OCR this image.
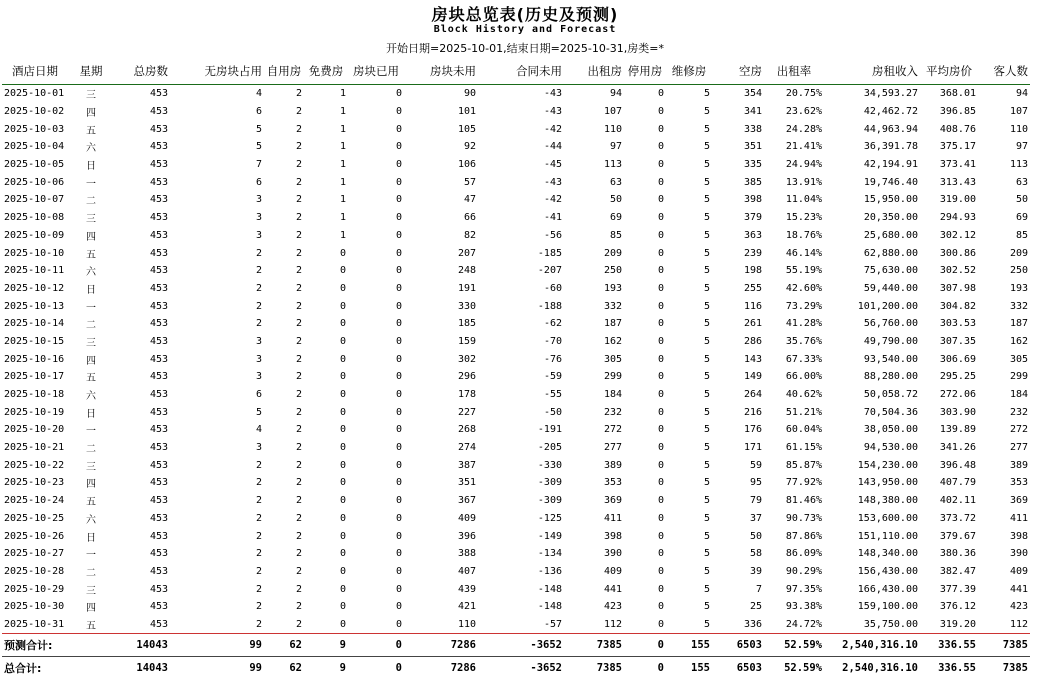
房块总览表(历史及预测)
Block History and Forecast
开始日期=2025-10-01,结束日期=2025-10-31,房类=*
酒店日期	星期	总房数	无房块占用	自用房	免费房	房块已用	房块未用	合同未用	出租房	停用房	维修房	空房	出租率	房租收入	平均房价	客人数
2025-10-01	三	453	4	2	1	0	90	-43	94	0	5	354	20.75%	34,593.27	368.01	94
2025-10-02	四	453	6	2	1	0	101	-43	107	0	5	341	23.62%	42,462.72	396.85	107
2025-10-03	五	453	5	2	1	0	105	-42	110	0	5	338	24.28%	44,963.94	408.76	110
2025-10-04	六	453	5	2	1	0	92	-44	97	0	5	351	21.41%	36,391.78	375.17	97
2025-10-05	日	453	7	2	1	0	106	-45	113	0	5	335	24.94%	42,194.91	373.41	113
2025-10-06	一	453	6	2	1	0	57	-43	63	0	5	385	13.91%	19,746.40	313.43	63
2025-10-07	二	453	3	2	1	0	47	-42	50	0	5	398	11.04%	15,950.00	319.00	50
2025-10-08	三	453	3	2	1	0	66	-41	69	0	5	379	15.23%	20,350.00	294.93	69
2025-10-09	四	453	3	2	1	0	82	-56	85	0	5	363	18.76%	25,680.00	302.12	85
2025-10-10	五	453	2	2	0	0	207	-185	209	0	5	239	46.14%	62,880.00	300.86	209
2025-10-11	六	453	2	2	0	0	248	-207	250	0	5	198	55.19%	75,630.00	302.52	250
2025-10-12	日	453	2	2	0	0	191	-60	193	0	5	255	42.60%	59,440.00	307.98	193
2025-10-13	一	453	2	2	0	0	330	-188	332	0	5	116	73.29%	101,200.00	304.82	332
2025-10-14	二	453	2	2	0	0	185	-62	187	0	5	261	41.28%	56,760.00	303.53	187
2025-10-15	三	453	3	2	0	0	159	-70	162	0	5	286	35.76%	49,790.00	307.35	162
2025-10-16	四	453	3	2	0	0	302	-76	305	0	5	143	67.33%	93,540.00	306.69	305
2025-10-17	五	453	3	2	0	0	296	-59	299	0	5	149	66.00%	88,280.00	295.25	299
2025-10-18	六	453	6	2	0	0	178	-55	184	0	5	264	40.62%	50,058.72	272.06	184
2025-10-19	日	453	5	2	0	0	227	-50	232	0	5	216	51.21%	70,504.36	303.90	232
2025-10-20	一	453	4	2	0	0	268	-191	272	0	5	176	60.04%	38,050.00	139.89	272
2025-10-21	二	453	3	2	0	0	274	-205	277	0	5	171	61.15%	94,530.00	341.26	277
2025-10-22	三	453	2	2	0	0	387	-330	389	0	5	59	85.87%	154,230.00	396.48	389
2025-10-23	四	453	2	2	0	0	351	-309	353	0	5	95	77.92%	143,950.00	407.79	353
2025-10-24	五	453	2	2	0	0	367	-309	369	0	5	79	81.46%	148,380.00	402.11	369
2025-10-25	六	453	2	2	0	0	409	-125	411	0	5	37	90.73%	153,600.00	373.72	411
2025-10-26	日	453	2	2	0	0	396	-149	398	0	5	50	87.86%	151,110.00	379.67	398
2025-10-27	一	453	2	2	0	0	388	-134	390	0	5	58	86.09%	148,340.00	380.36	390
2025-10-28	二	453	2	2	0	0	407	-136	409	0	5	39	90.29%	156,430.00	382.47	409
2025-10-29	三	453	2	2	0	0	439	-148	441	0	5	7	97.35%	166,430.00	377.39	441
2025-10-30	四	453	2	2	0	0	421	-148	423	0	5	25	93.38%	159,100.00	376.12	423
2025-10-31	五	453	2	2	0	0	110	-57	112	0	5	336	24.72%	35,750.00	319.20	112
预测合计:		14043	99	62	9	0	7286	-3652	7385	0	155	6503	52.59%	2,540,316.10	336.55	7385
总合计:		14043	99	62	9	0	7286	-3652	7385	0	155	6503	52.59%	2,540,316.10	336.55	7385
